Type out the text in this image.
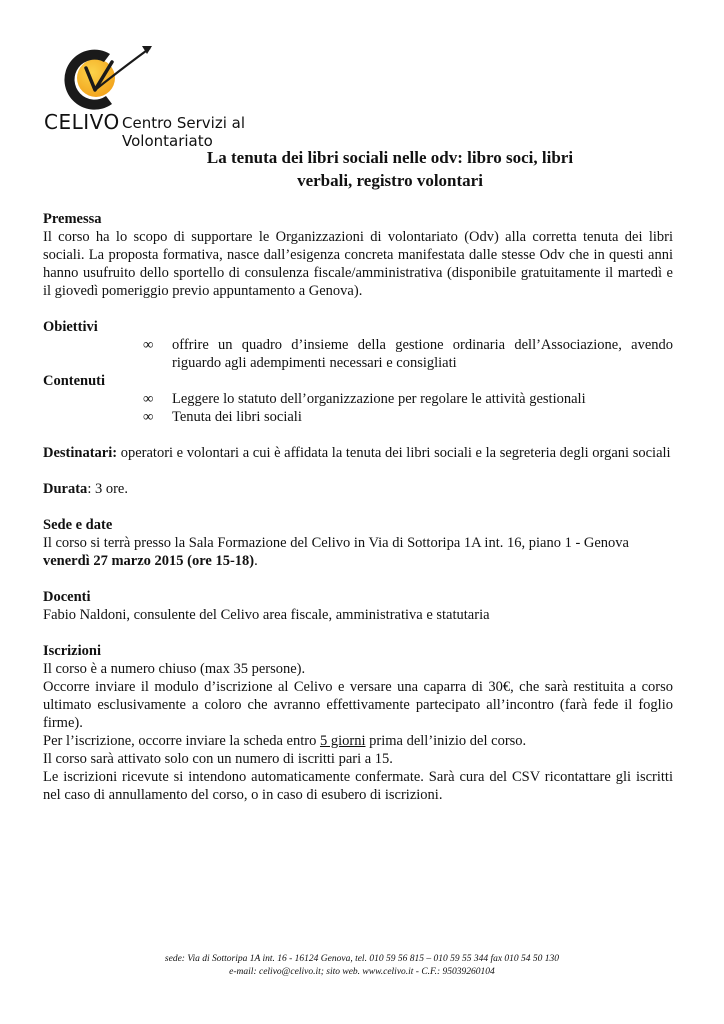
CELIVO Centro Servizi al Volontariato
La tenuta dei libri sociali nelle odv: libro soci, libri
verbali, registro volontari

Premessa

Il corso ha lo scopo di supportare le Organizzazioni di volontariato (Odv) alla corretta tenuta dei libri sociali. La proposta formativa, nasce dall’esigenza concreta manifestata dalle stesse Odv che in questi anni hanno usufruito dello sportello di consulenza fiscale/amministrativa (disponibile gratuitamente il martedì e il giovedì pomeriggio previo appuntamento a Genova).

Obiettivi

∞ offrire un quadro d’insieme della gestione ordinaria dell’Associazione, avendo riguardo agli adempimenti necessari e consigliati

Contenuti

∞ Leggere lo statuto dell’organizzazione per regolare le attività gestionali
∞ Tenuta dei libri sociali

Destinatari: operatori e volontari a cui è affidata la tenuta dei libri sociali e la segreteria degli organi sociali

Durata: 3 ore.

Sede e date

Il corso si terrà presso la Sala Formazione del Celivo in Via di Sottoripa 1A int. 16, piano 1 - Genova venerdì 27 marzo 2015 (ore 15-18).

Docenti

Fabio Naldoni, consulente del Celivo area fiscale, amministrativa e statutaria

Iscrizioni

Il corso è a numero chiuso (max 35 persone).

Occorre inviare il modulo d’iscrizione al Celivo e versare una caparra di 30€, che sarà restituita a corso ultimato esclusivamente a coloro che avranno effettivamente partecipato all’incontro (farà fede il foglio firme).

Per l’iscrizione, occorre inviare la scheda entro 5 giorni prima dell’inizio del corso.

Il corso sarà attivato solo con un numero di iscritti pari a 15.

Le iscrizioni ricevute si intendono automaticamente confermate. Sarà cura del CSV ricontattare gli iscritti nel caso di annullamento del corso, o in caso di esubero di iscrizioni.

sede: Via di Sottoripa 1A int. 16 - 16124 Genova, tel. 010 59 56 815 – 010 59 55 344 fax 010 54 50 130
e-mail: celivo@celivo.it; sito web. www.celivo.it - C.F.: 95039260104
